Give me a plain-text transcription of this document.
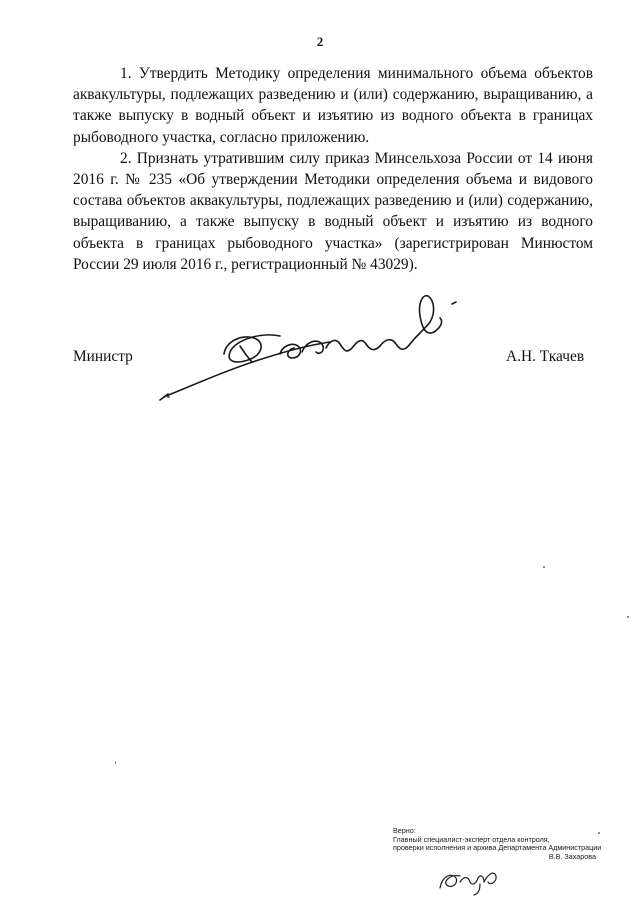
2

1. Утвердить Методику определения минимального объема объектов аквакультуры, подлежащих разведению и (или) содержанию, выращиванию, а также выпуску в водный объект и изъятию из водного объекта в границах рыбоводного участка, согласно приложению.

2. Признать утратившим силу приказ Минсельхоза России от 14 июня 2016 г. № 235 «Об утверждении Методики определения объема и видового состава объектов аквакультуры, подлежащих разведению и (или) содержанию, выращиванию, а также выпуску в водный объект и изъятию из водного объекта в границах рыбоводного участка» (зарегистрирован Минюстом России 29 июля 2016 г., регистрационный № 43029).

Министр	А.Н. Ткачев
Верно:
Главный специалист-эксперт отдела контроля,
проверки исполнения и архива Департамента Администрации
В.В. Захарова
